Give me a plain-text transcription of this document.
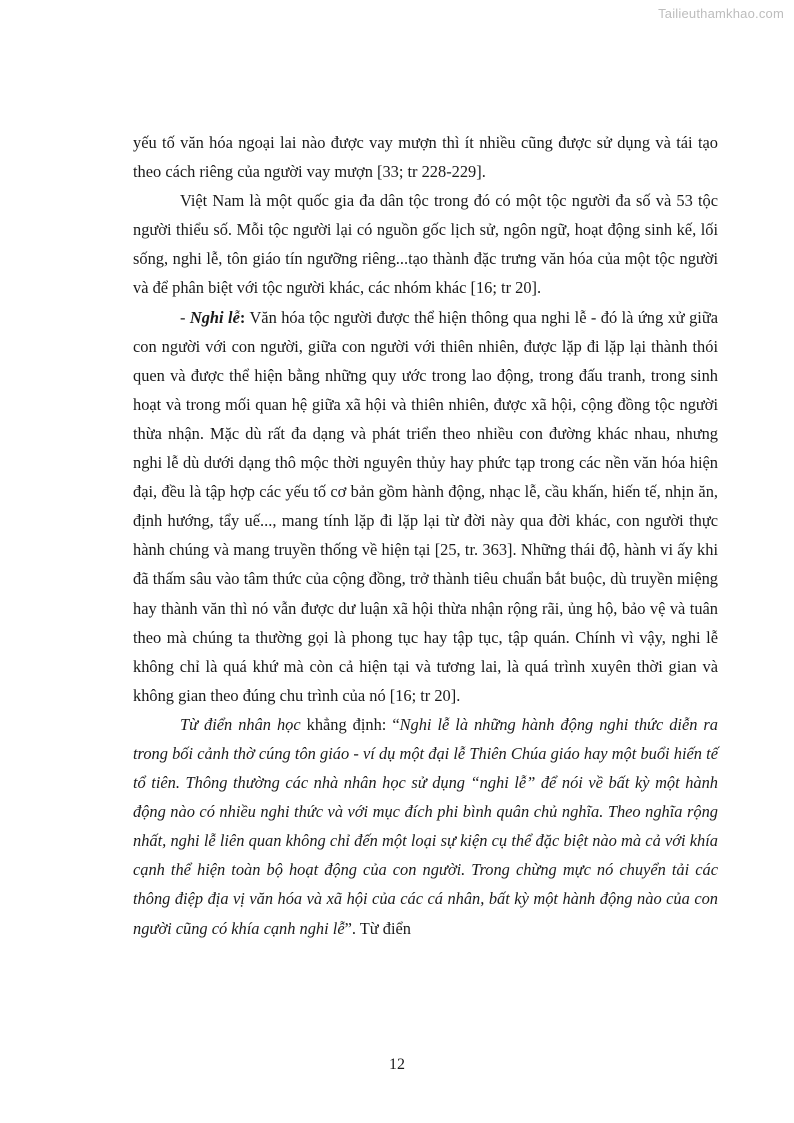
Tailieuthamkhao.com

yếu tố văn hóa ngoại lai nào được vay mượn thì ít nhiều cũng được sử dụng và tái tạo theo cách riêng của người vay mượn [33; tr 228-229].

Việt Nam là một quốc gia đa dân tộc trong đó có một tộc người đa số và 53 tộc người thiểu số. Mỗi tộc người lại có nguồn gốc lịch sử, ngôn ngữ, hoạt động sinh kế, lối sống, nghi lễ, tôn giáo tín ngưỡng riêng...tạo thành đặc trưng văn hóa của một tộc người và để phân biệt với tộc người khác, các nhóm khác [16; tr 20].

- Nghi lễ: Văn hóa tộc người được thể hiện thông qua nghi lễ - đó là ứng xử giữa con người với con người, giữa con người với thiên nhiên, được lặp đi lặp lại thành thói quen và được thể hiện bằng những quy ước trong lao động, trong đấu tranh, trong sinh hoạt và trong mối quan hệ giữa xã hội và thiên nhiên, được xã hội, cộng đồng tộc người thừa nhận. Mặc dù rất đa dạng và phát triển theo nhiều con đường khác nhau, nhưng nghi lễ dù dưới dạng thô mộc thời nguyên thủy hay phức tạp trong các nền văn hóa hiện đại, đều là tập hợp các yếu tố cơ bản gồm hành động, nhạc lễ, cầu khấn, hiến tế, nhịn ăn, định hướng, tẩy uế..., mang tính lặp đi lặp lại từ đời này qua đời khác, con người thực hành chúng và mang truyền thống về hiện tại [25, tr. 363]. Những thái độ, hành vi ấy khi đã thấm sâu vào tâm thức của cộng đồng, trở thành tiêu chuẩn bắt buộc, dù truyền miệng hay thành văn thì nó vẫn được dư luận xã hội thừa nhận rộng rãi, ủng hộ, bảo vệ và tuân theo mà chúng ta thường gọi là phong tục hay tập tục, tập quán. Chính vì vậy, nghi lễ không chỉ là quá khứ mà còn cả hiện tại và tương lai, là quá trình xuyên thời gian và không gian theo đúng chu trình của nó [16; tr 20].

Từ điển nhân học khẳng định: “Nghi lễ là những hành động nghi thức diễn ra trong bối cảnh thờ cúng tôn giáo - ví dụ một đại lễ Thiên Chúa giáo hay một buổi hiến tế tổ tiên. Thông thường các nhà nhân học sử dụng “nghi lễ” để nói về bất kỳ một hành động nào có nhiều nghi thức và với mục đích phi bình quân chủ nghĩa. Theo nghĩa rộng nhất, nghi lễ liên quan không chỉ đến một loại sự kiện cụ thể đặc biệt nào mà cả với khía cạnh thể hiện toàn bộ hoạt động của con người. Trong chừng mực nó chuyển tải các thông điệp địa vị văn hóa và xã hội của các cá nhân, bất kỳ một hành động nào của con người cũng có khía cạnh nghi lễ”. Từ điển

12
